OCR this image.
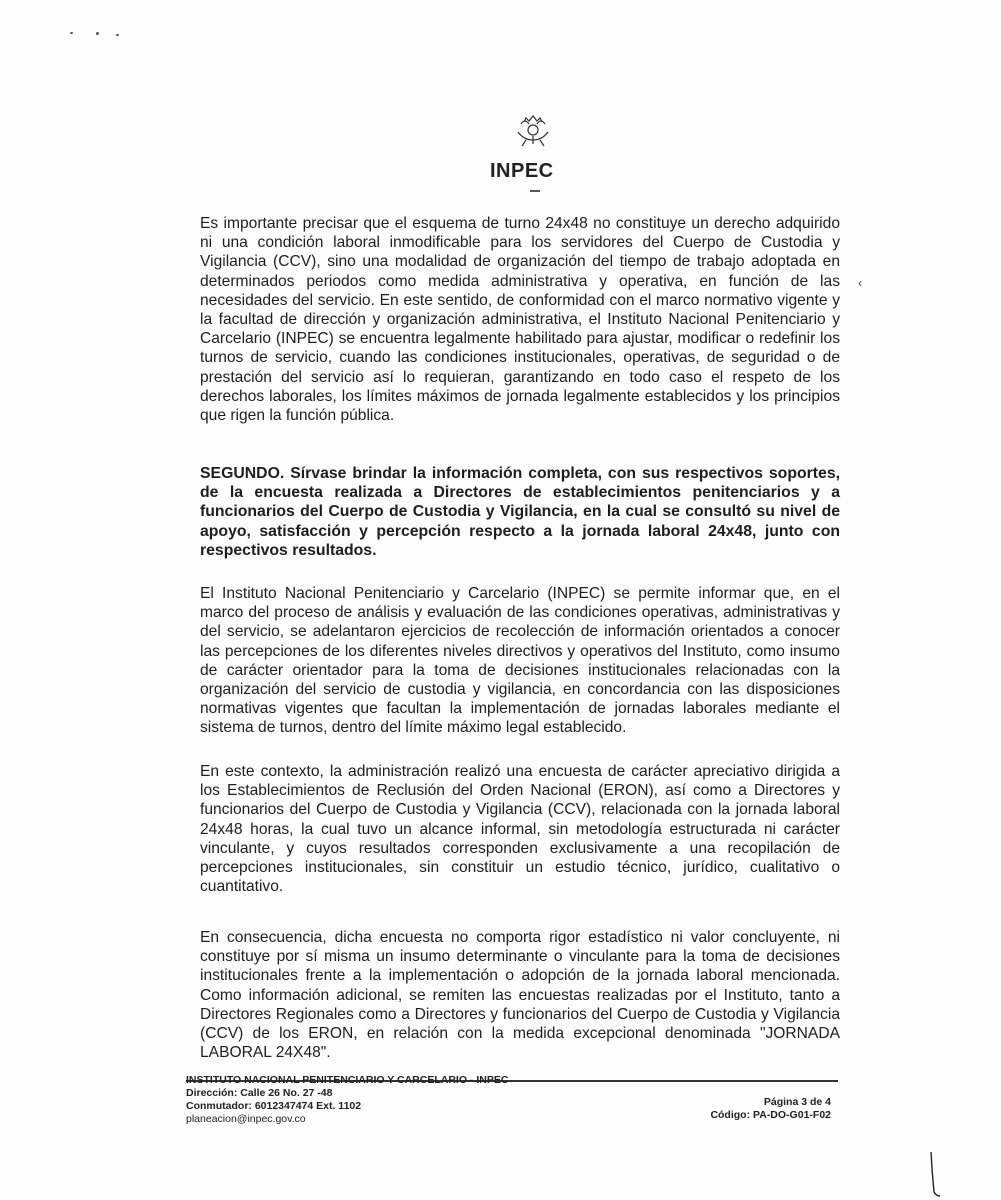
INPEC
Es importante precisar que el esquema de turno 24x48 no constituye un derecho adquirido ni una condición laboral inmodificable para los servidores del Cuerpo de Custodia y Vigilancia (CCV), sino una modalidad de organización del tiempo de trabajo adoptada en determinados periodos como medida administrativa y operativa, en función de las necesidades del servicio. En este sentido, de conformidad con el marco normativo vigente y la facultad de dirección y organización administrativa, el Instituto Nacional Penitenciario y Carcelario (INPEC) se encuentra legalmente habilitado para ajustar, modificar o redefinir los turnos de servicio, cuando las condiciones institucionales, operativas, de seguridad o de prestación del servicio así lo requieran, garantizando en todo caso el respeto de los derechos laborales, los límites máximos de jornada legalmente establecidos y los principios que rigen la función pública.
SEGUNDO. Sírvase brindar la información completa, con sus respectivos soportes, de la encuesta realizada a Directores de establecimientos penitenciarios y a funcionarios del Cuerpo de Custodia y Vigilancia, en la cual se consultó su nivel de apoyo, satisfacción y percepción respecto a la jornada laboral 24x48, junto con respectivos resultados.
El Instituto Nacional Penitenciario y Carcelario (INPEC) se permite informar que, en el marco del proceso de análisis y evaluación de las condiciones operativas, administrativas y del servicio, se adelantaron ejercicios de recolección de información orientados a conocer las percepciones de los diferentes niveles directivos y operativos del Instituto, como insumo de carácter orientador para la toma de decisiones institucionales relacionadas con la organización del servicio de custodia y vigilancia, en concordancia con las disposiciones normativas vigentes que facultan la implementación de jornadas laborales mediante el sistema de turnos, dentro del límite máximo legal establecido.
En este contexto, la administración realizó una encuesta de carácter apreciativo dirigida a los Establecimientos de Reclusión del Orden Nacional (ERON), así como a Directores y funcionarios del Cuerpo de Custodia y Vigilancia (CCV), relacionada con la jornada laboral 24x48 horas, la cual tuvo un alcance informal, sin metodología estructurada ni carácter vinculante, y cuyos resultados corresponden exclusivamente a una recopilación de percepciones institucionales, sin constituir un estudio técnico, jurídico, cualitativo o cuantitativo.
En consecuencia, dicha encuesta no comporta rigor estadístico ni valor concluyente, ni constituye por sí misma un insumo determinante o vinculante para la toma de decisiones institucionales frente a la implementación o adopción de la jornada laboral mencionada. Como información adicional, se remiten las encuestas realizadas por el Instituto, tanto a Directores Regionales como a Directores y funcionarios del Cuerpo de Custodia y Vigilancia (CCV) de los ERON, en relación con la medida excepcional denominada "JORNADA LABORAL 24X48".
‹
INSTITUTO NACIONAL PENITENCIARIO Y CARCELARIO - INPEC
Dirección: Calle 26 No. 27 -48
Conmutador: 6012347474 Ext. 1102
planeacion@inpec.gov.co
Página 3 de 4
Código: PA-DO-G01-F02
